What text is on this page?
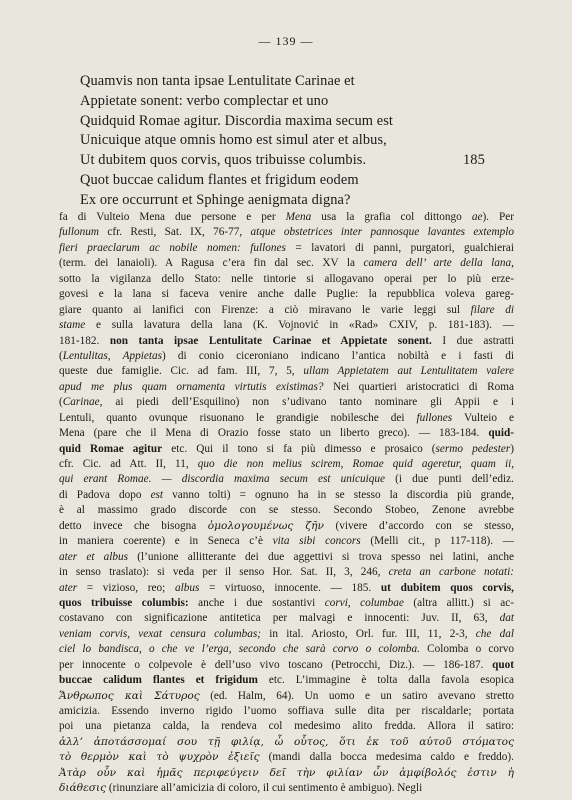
— 139 —
Quamvis non tanta ipsae Lentulitate Carinae et
Appietate sonent: verbo complectar et uno
Quidquid Romae agitur. Discordia maxima secum est
Unicuique atque omnis homo est simul ater et albus,
Ut dubitem quos corvis, quos tribuisse columbis.	185
Quot buccae calidum flantes et frigidum eodem
Ex ore occurrunt et Sphinge aenigmata digna?
fa di Vulteio Mena due persone e per Mena usa la grafia col dittongo ae). Per
fullonum cfr. Resti, Sat. IX, 76-77, atque obstetrices inter pannosque lavantes extemplo
fieri praeclarum ac nobile nomen: fullones = lavatori di panni, purgatori, gualchierai
(term. dei lanaioli). A Ragusa c’era fin dal sec. XV la camera dell’ arte della lana,
sotto la vigilanza dello Stato: nelle tintorie si allogavano operai per lo più erze-
govesi e la lana si faceva venire anche dalle Puglie: la repubblica voleva gareg-
giare quanto ai lanifici con Firenze: a ciò miravano le varie leggi sul filare di
stame e sulla lavatura della lana (K. Vojnović in «Rad» CXIV, p. 181-183). —
181-182. non tanta ipsae Lentulitate Carinae et Appietate sonent. I due astratti
(Lentulitas, Appietas) di conio ciceroniano indicano l’antica nobiltà e i fasti di
queste due famiglie. Cic. ad fam. III, 7, 5, ullam Appietatem aut Lentulitatem valere
apud me plus quam ornamenta virtutis existimas? Nei quartieri aristocratici di Roma
(Carinae, ai piedi dell’Esquilino) non s’udivano tanto nominare gli Appii e i
Lentuli, quanto ovunque risuonano le grandigie nobilesche dei fullones Vulteio e
Mena (pare che il Mena di Orazio fosse stato un liberto greco). — 183-184. quid-
quid Romae agitur etc. Qui il tono si fa più dimesso e prosaico (sermo pedester)
cfr. Cic. ad Att. II, 11, quo die non melius scirem, Romae quid ageretur, quam ii,
qui erant Romae. — discordia maxima secum est unicuique (i due punti dell’ediz.
di Padova dopo est vanno tolti) = ognuno ha in se stesso la discordia più grande,
è al massimo grado discorde con se stesso. Secondo Stobeo, Zenone avrebbe
detto invece che bisogna ὁμολογουμένως ζῆν (vivere d’accordo con se stesso,
in maniera coerente) e in Seneca c’è vita sibi concors (Melli cit., p 117-118). —
ater et albus (l’unione allitterante dei due aggettivi si trova spesso nei latini, anche
in senso traslato): si veda per il senso Hor. Sat. II, 3, 246, creta an carbone notati:
ater = vizioso, reo; albus = virtuoso, innocente. — 185. ut dubitem quos corvis,
quos tribuisse columbis: anche i due sostantivi corvi, columbae (altra allitt.) si ac-
costavano con significazione antitetica per malvagi e innocenti: Juv. II, 63, dat
veniam corvis, vexat censura columbas; in ital. Ariosto, Orl. fur. III, 11, 2-3, che dal
ciel lo bandisca, o che ve l’erga, secondo che sarà corvo o colomba. Colomba o corvo
per innocente o colpevole è dell’uso vivo toscano (Petrocchi, Diz.). — 186-187. quot
buccae calidum flantes et frigidum etc. L’immagine è tolta dalla favola esopica
Ἄνθρωπος καὶ Σάτυρος (ed. Halm, 64). Un uomo e un satiro avevano stretto
amicizia. Essendo inverno rigido l’uomo soffiava sulle dita per riscaldarle; portata
poi una pietanza calda, la rendeva col medesimo alito fredda. Allora il satiro:
ἀλλ’ ἀποτάσσομαί σου τῇ φιλίᾳ, ὦ οὗτος, ὅτι ἐκ τοῦ αὐτοῦ στόματος
τὸ θερμὸν καὶ τὸ ψυχρὸν ἐξιεῖς (mandi dalla bocca medesima caldo e freddo).
Ἀτὰρ οὖν καὶ ἡμᾶς περιφεύγειν δεῖ τὴν φιλίαν ὧν ἀμφίβολός ἐστιν ἡ
διάθεσις (rinunziare all’amicizia di coloro, il cui sentimento è ambiguo). Negli
